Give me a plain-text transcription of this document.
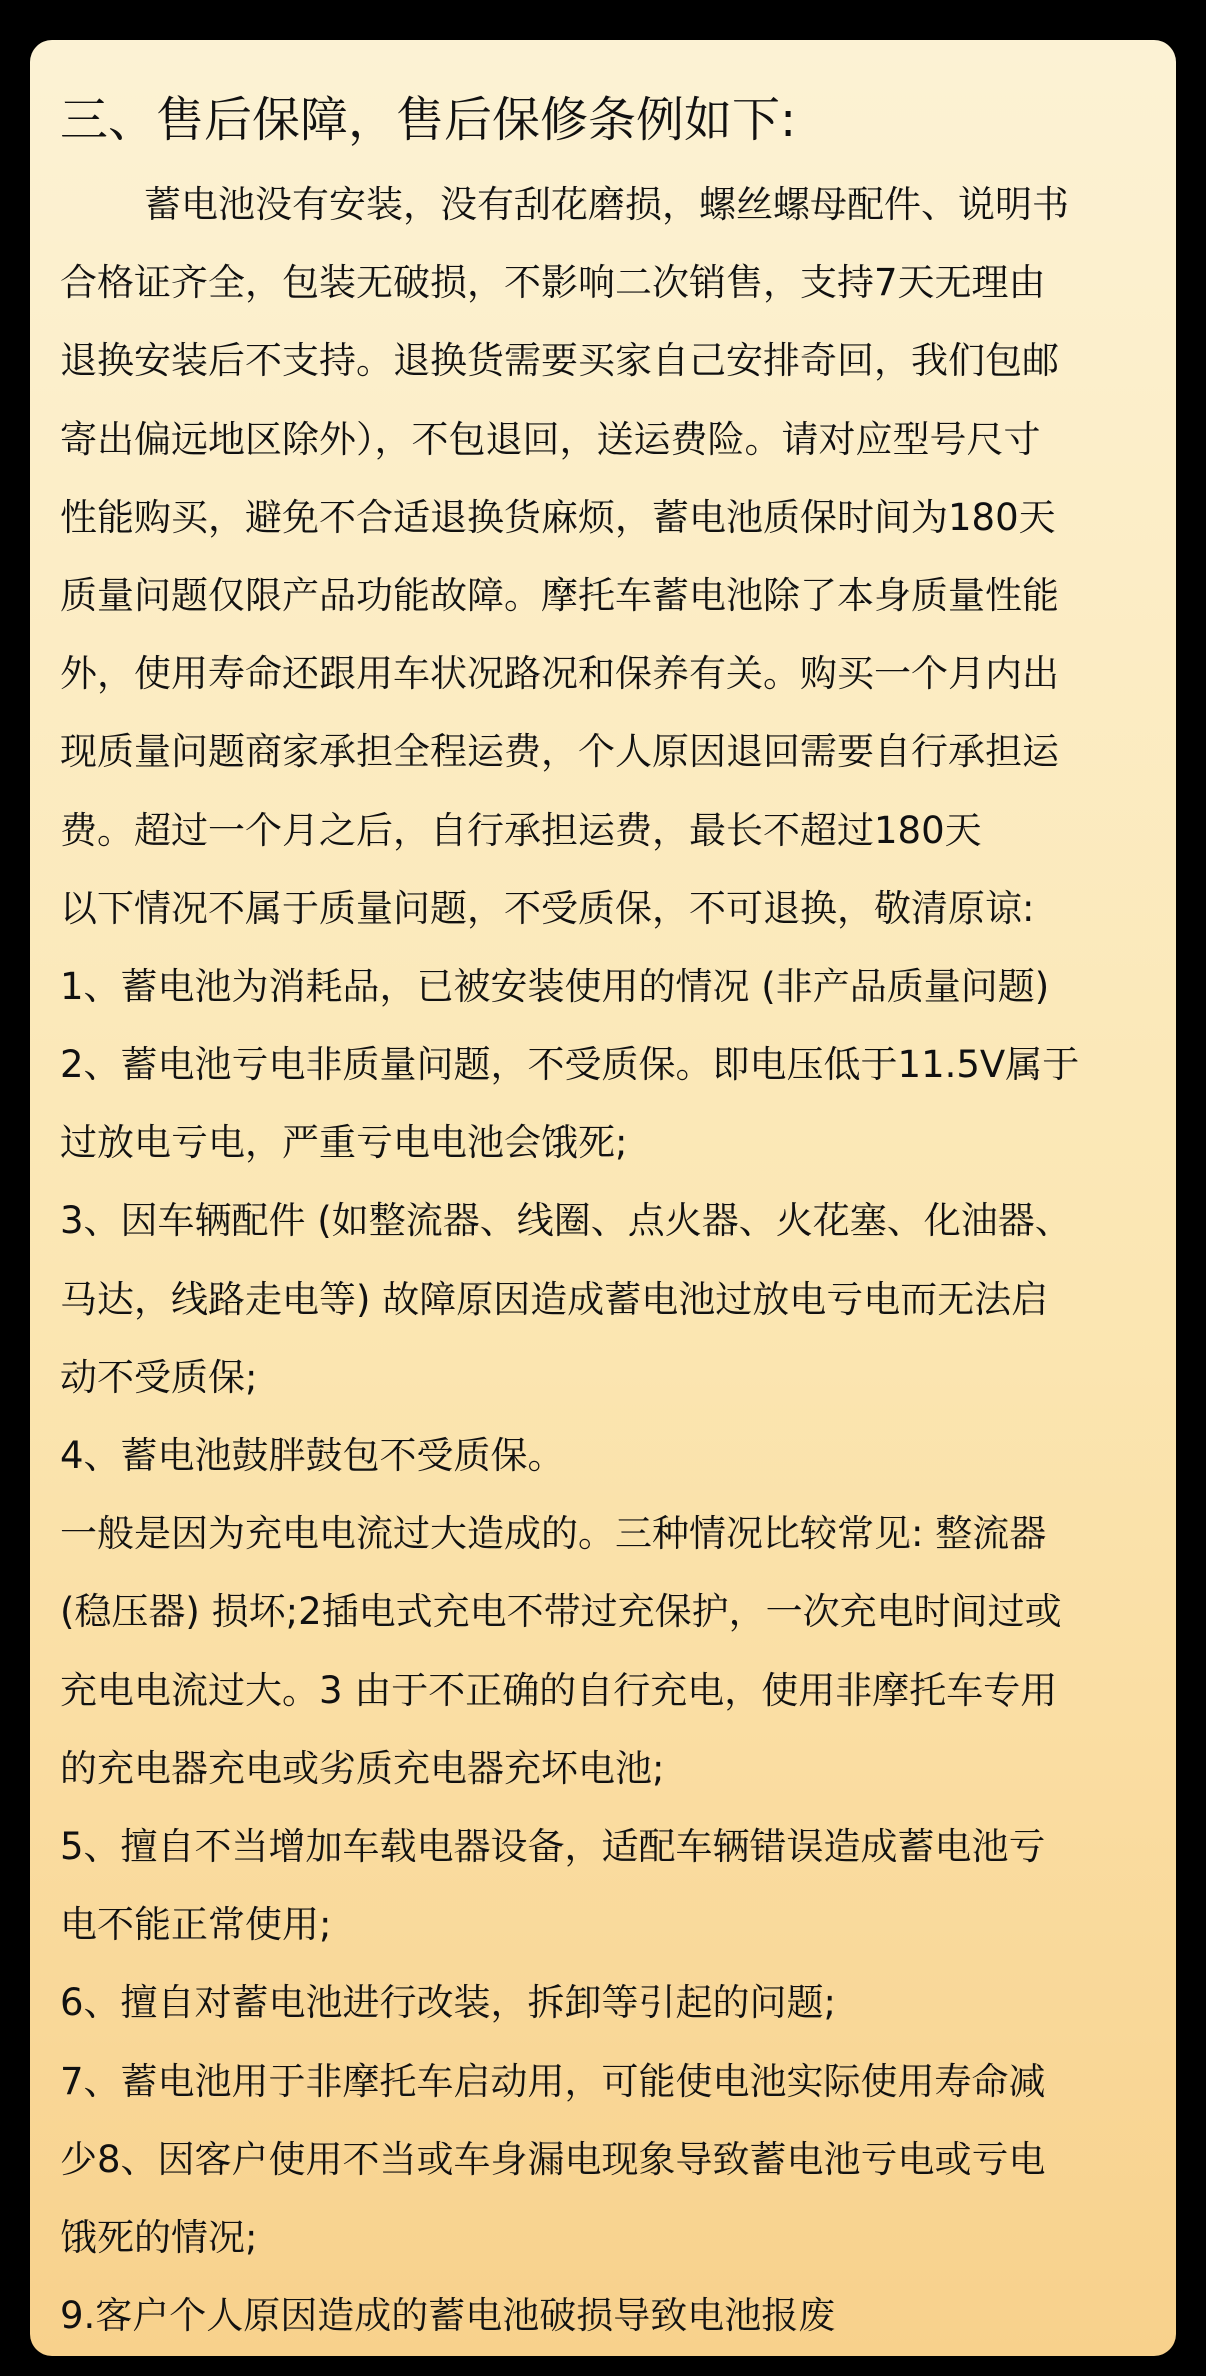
三、售后保障，售后保修条例如下:
蓄电池没有安装，没有刮花磨损，螺丝螺母配件、说明书
合格证齐全，包装无破损，不影响二次销售，支持7天无理由
退换安装后不支持。退换货需要买家自己安排奇回，我们包邮
寄出偏远地区除外），不包退回，送运费险。请对应型号尺寸
性能购买，避免不合适退换货麻烦，蓄电池质保时间为180天
质量问题仅限产品功能故障。摩托车蓄电池除了本身质量性能
外，使用寿命还跟用车状况路况和保养有关。购买一个月内出
现质量问题商家承担全程运费，个人原因退回需要自行承担运
费。超过一个月之后，自行承担运费，最长不超过180天
以下情况不属于质量问题，不受质保，不可退换，敬清原谅:
1、蓄电池为消耗品，已被安装使用的情况 (非产品质量问题)
2、蓄电池亏电非质量问题，不受质保。即电压低于11.5V属于
过放电亏电，严重亏电电池会饿死;
3、因车辆配件 (如整流器、线圈、点火器、火花塞、化油器、
马达，线路走电等) 故障原因造成蓄电池过放电亏电而无法启
动不受质保;
4、蓄电池鼓胖鼓包不受质保。
一般是因为充电电流过大造成的。三种情况比较常见: 整流器
(稳压器) 损坏;2插电式充电不带过充保护，一次充电时间过或
充电电流过大。3 由于不正确的自行充电，使用非摩托车专用
的充电器充电或劣质充电器充坏电池;
5、擅自不当增加车载电器设备，适配车辆错误造成蓄电池亏
电不能正常使用;
6、擅自对蓄电池进行改装，拆卸等引起的问题;
7、蓄电池用于非摩托车启动用，可能使电池实际使用寿命减
少8、因客户使用不当或车身漏电现象导致蓄电池亏电或亏电
饿死的情况;
9.客户个人原因造成的蓄电池破损导致电池报废
